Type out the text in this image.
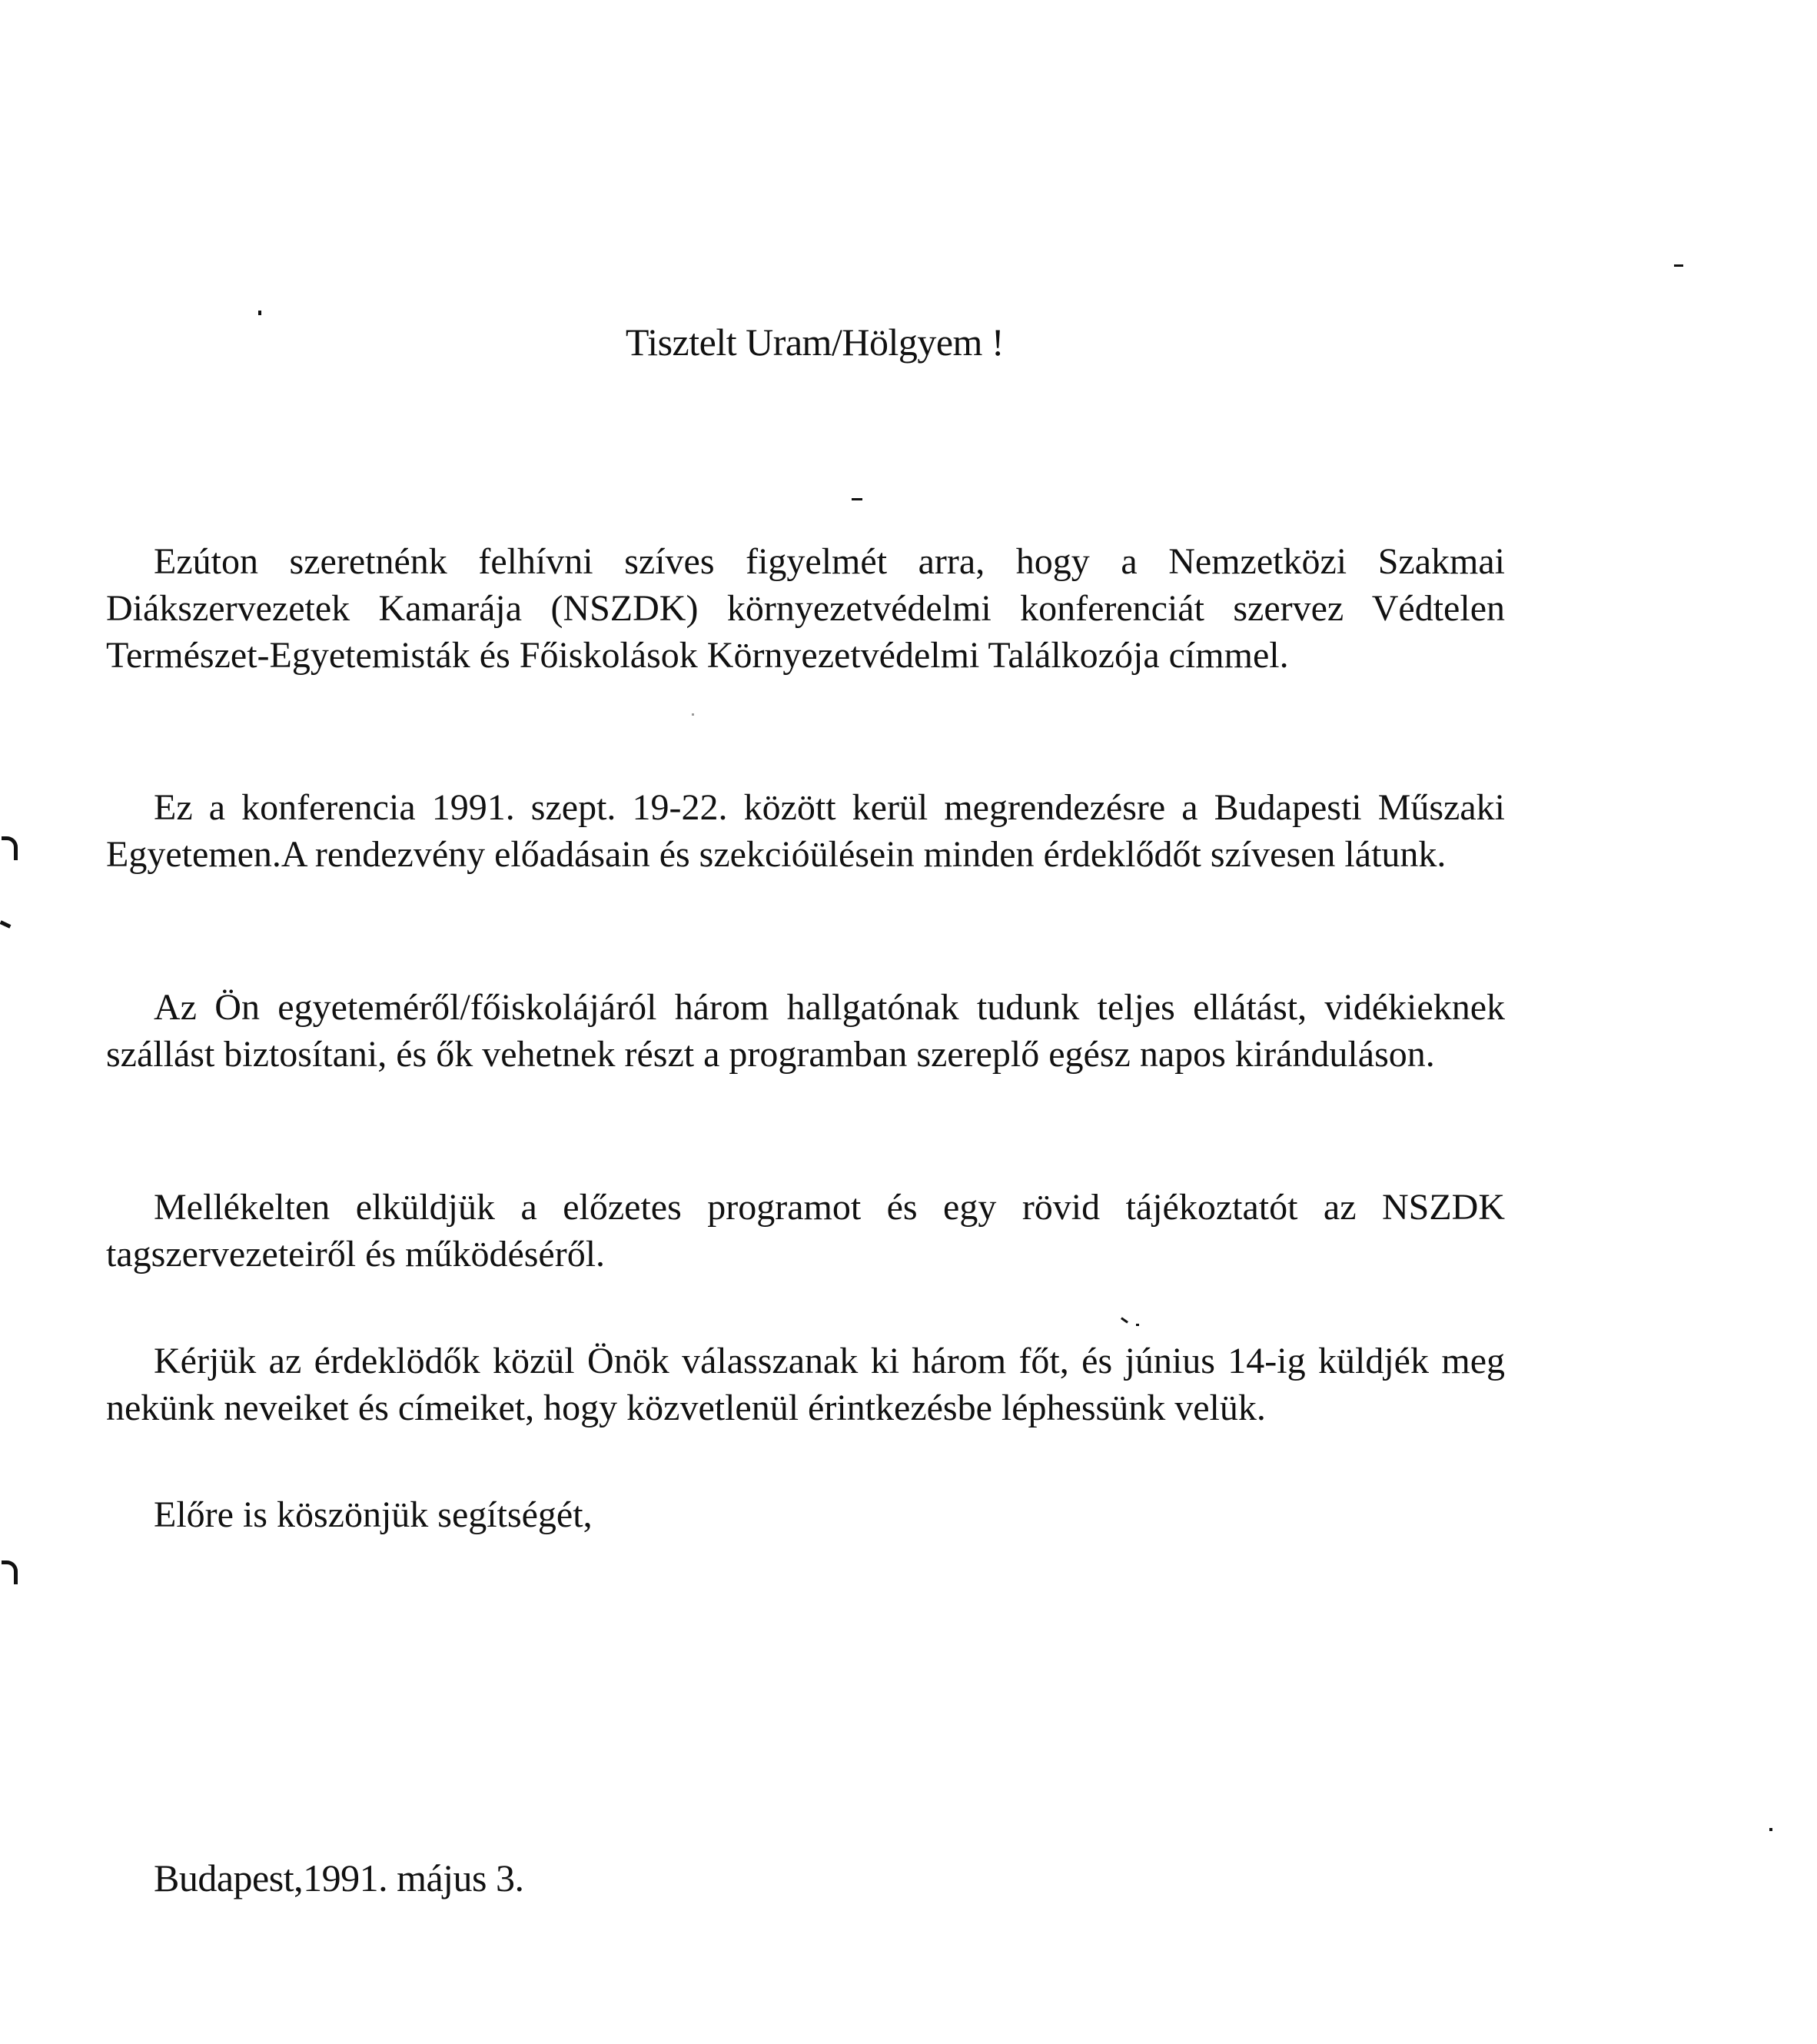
Tisztelt Uram/Hölgyem !

Ezúton szeretnénk felhívni szíves figyelmét arra, hogy a Nemzetközi Szakmai Diákszervezetek Kamarája (NSZDK) környezetvédelmi konferenciát szervez Védtelen Természet-Egyetemisták és Főiskolások Környezetvédelmi Találkozója címmel.

Ez a konferencia 1991. szept. 19-22. között kerül megrendezésre a Budapesti Műszaki Egyetemen.A rendezvény előadásain és szekcióülésein minden érdeklődőt szívesen látunk.

Az Ön egyeteméről/főiskolájáról három hallgatónak tudunk teljes ellátást, vidékieknek szállást biztosítani, és ők vehetnek részt a programban szereplő egész napos kiránduláson.

Mellékelten elküldjük a előzetes programot és egy rövid tájékoztatót az NSZDK tagszervezeteiről és működéséről.

Kérjük az érdeklödők közül Önök válasszanak ki három főt, és június 14-ig küldjék meg nekünk neveiket és címeiket, hogy közvetlenül érintkezésbe léphessünk velük.

Előre is köszönjük segítségét,

Budapest,1991. május 3.
